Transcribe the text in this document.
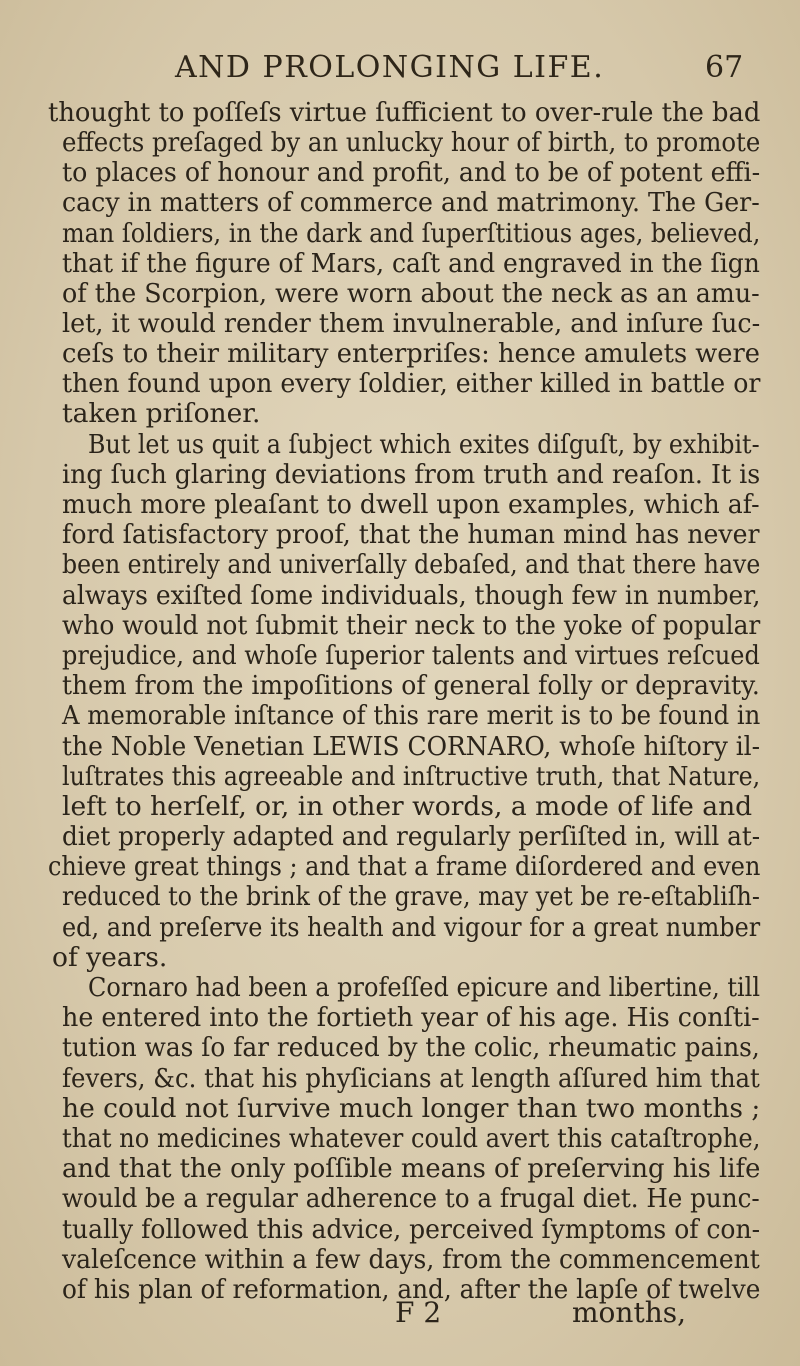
AND PROLONGING LIFE.	67
thought to poſſeſs virtue ſufficient to over-rule the bad
effects preſaged by an unlucky hour of birth, to promote
to places of honour and profit, and to be of potent effi-
cacy in matters of commerce and matrimony. The Ger-
man ſoldiers, in the dark and ſuperſtitious ages, believed,
that if the figure of Mars, caſt and engraved in the ſign
of the Scorpion, were worn about the neck as an amu-
let, it would render them invulnerable, and inſure ſuc-
ceſs to their military enterpriſes: hence amulets were
then found upon every ſoldier, either killed in battle or
taken priſoner.
But let us quit a ſubject which exites diſguſt, by exhibit-
ing ſuch glaring deviations from truth and reaſon. It is
much more pleaſant to dwell upon examples, which af-
ford ſatisfactory proof, that the human mind has never
been entirely and univerſally debaſed, and that there have
always exiſted ſome individuals, though few in number,
who would not ſubmit their neck to the yoke of popular
prejudice, and whoſe ſuperior talents and virtues reſcued
them from the impoſitions of general folly or depravity.
A memorable inſtance of this rare merit is to be found in
the Noble Venetian LEWIS CORNARO, whoſe hiſtory il-
luſtrates this agreeable and inſtructive truth, that Nature,
left to herſelf, or, in other words, a mode of life and
diet properly adapted and regularly perſiſted in, will at-
chieve great things ; and that a frame diſordered and even
reduced to the brink of the grave, may yet be re-eſtabliſh-
ed, and preſerve its health and vigour for a great number
of years.
Cornaro had been a profeſſed epicure and libertine, till
he entered into the fortieth year of his age. His conſti-
tution was ſo far reduced by the colic, rheumatic pains,
fevers, &c. that his phyſicians at length aſſured him that
he could not ſurvive much longer than two months ;
that no medicines whatever could avert this cataſtrophe,
and that the only poſſible means of preſerving his life
would be a regular adherence to a frugal diet. He punc-
tually followed this advice, perceived ſymptoms of con-
valeſcence within a few days, from the commencement
of his plan of reformation, and, after the lapſe of twelve
F 2	months,
